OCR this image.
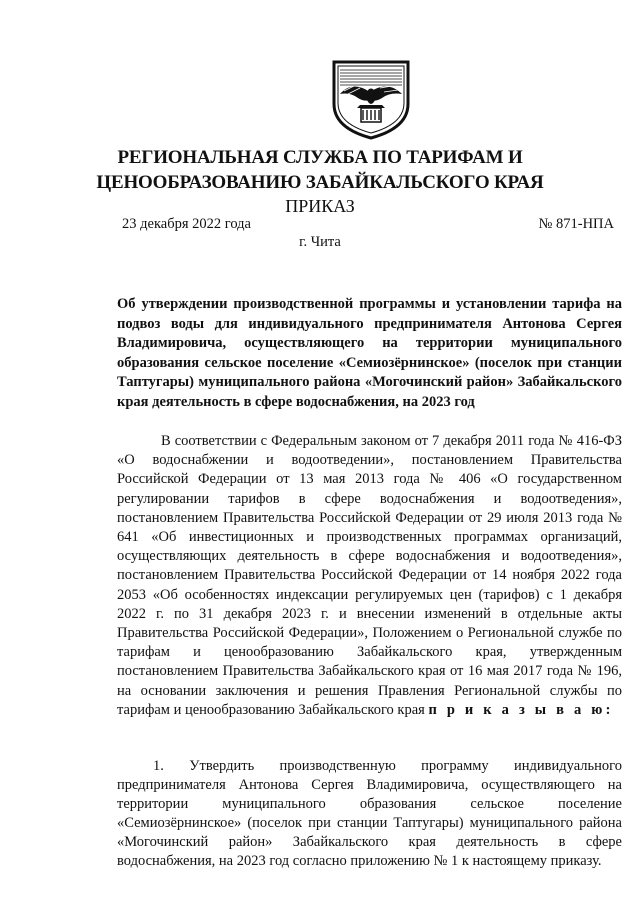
РЕГИОНАЛЬНАЯ СЛУЖБА ПО ТАРИФАМ И
ЦЕНООБРАЗОВАНИЮ ЗАБАЙКАЛЬСКОГО КРАЯ
ПРИКАЗ
23 декабря 2022 года	№ 871-НПА
г. Чита

Об утверждении производственной программы и установлении тарифа на подвоз воды для индивидуального предпринимателя Антонова Сергея Владимировича, осуществляющего на территории муниципального образования сельское поселение «Семиозёрнинское» (поселок при станции Таптугары) муниципального района «Могочинский район» Забайкальского края деятельность в сфере водоснабжения, на 2023 год

В соответствии с Федеральным законом от 7 декабря 2011 года № 416-ФЗ «О водоснабжении и водоотведении», постановлением Правительства Российской Федерации от 13 мая 2013 года № 406 «О государственном регулировании тарифов в сфере водоснабжения и водоотведения», постановлением Правительства Российской Федерации от 29 июля 2013 года № 641 «Об инвестиционных и производственных программах организаций, осуществляющих деятельность в сфере водоснабжения и водоотведения», постановлением Правительства Российской Федерации от 14 ноября 2022 года 2053 «Об особенностях индексации регулируемых цен (тарифов) с 1 декабря 2022 г. по 31 декабря 2023 г. и внесении изменений в отдельные акты Правительства Российской Федерации», Положением о Региональной службе по тарифам и ценообразованию Забайкальского края, утвержденным постановлением Правительства Забайкальского края от 16 мая 2017 года № 196, на основании заключения и решения Правления Региональной службы по тарифам и ценообразованию Забайкальского края п р и к а з ы в а ю:

1. Утвердить производственную программу индивидуального предпринимателя Антонова Сергея Владимировича, осуществляющего на территории муниципального образования сельское поселение «Семиозёрнинское» (поселок при станции Таптугары) муниципального района «Могочинский район» Забайкальского края деятельность в сфере водоснабжения, на 2023 год согласно приложению № 1 к настоящему приказу.
